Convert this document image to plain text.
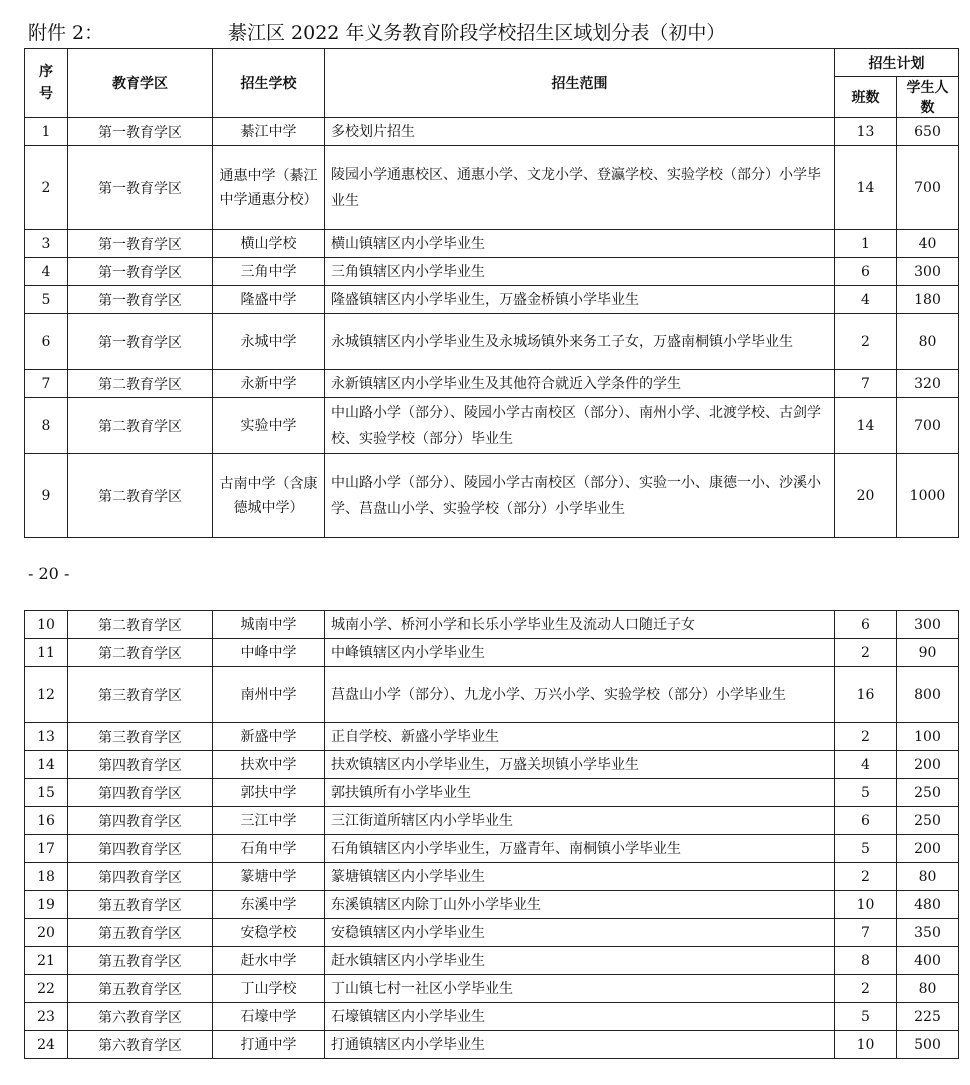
附件 2：	綦江区 2022 年义务教育阶段学校招生区域划分表（初中）
序
号	教育学区	招生学校	招生范围	招生计划	
				班数	学生人数
1	第一教育学区	綦江中学	多校划片招生	13	650
2	第一教育学区	通惠中学（綦江中学通惠分校）	陵园小学通惠校区、通惠小学、文龙小学、登瀛学校、实验学校（部分）小学毕业生	14	700
3	第一教育学区	横山学校	横山镇辖区内小学毕业生	1	40
4	第一教育学区	三角中学	三角镇辖区内小学毕业生	6	300
5	第一教育学区	隆盛中学	隆盛镇辖区内小学毕业生，万盛金桥镇小学毕业生	4	180
6	第一教育学区	永城中学	永城镇辖区内小学毕业生及永城场镇外来务工子女，万盛南桐镇小学毕业生	2	80
7	第二教育学区	永新中学	永新镇辖区内小学毕业生及其他符合就近入学条件的学生	7	320
8	第二教育学区	实验中学	中山路小学（部分）、陵园小学古南校区（部分）、南州小学、北渡学校、古剑学校、实验学校（部分）毕业生	14	700
9	第二教育学区	古南中学（含康德城中学）	中山路小学（部分）、陵园小学古南校区（部分）、实验一小、康德一小、沙溪小学、莒盘山小学、实验学校（部分）小学毕业生	20	1000
- 20 -
10	第二教育学区	城南中学	城南小学、桥河小学和长乐小学毕业生及流动人口随迁子女	6	300
11	第二教育学区	中峰中学	中峰镇辖区内小学毕业生	2	90
12	第三教育学区	南州中学	莒盘山小学（部分）、九龙小学、万兴小学、实验学校（部分）小学毕业生	16	800
13	第三教育学区	新盛中学	正自学校、新盛小学毕业生	2	100
14	第四教育学区	扶欢中学	扶欢镇辖区内小学毕业生，万盛关坝镇小学毕业生	4	200
15	第四教育学区	郭扶中学	郭扶镇所有小学毕业生	5	250
16	第四教育学区	三江中学	三江街道所辖区内小学毕业生	6	250
17	第四教育学区	石角中学	石角镇辖区内小学毕业生，万盛青年、南桐镇小学毕业生	5	200
18	第四教育学区	篆塘中学	篆塘镇辖区内小学毕业生	2	80
19	第五教育学区	东溪中学	东溪镇辖区内除丁山外小学毕业生	10	480
20	第五教育学区	安稳学校	安稳镇辖区内小学毕业生	7	350
21	第五教育学区	赶水中学	赶水镇辖区内小学毕业生	8	400
22	第五教育学区	丁山学校	丁山镇七村一社区小学毕业生	2	80
23	第六教育学区	石壕中学	石壕镇辖区内小学毕业生	5	225
24	第六教育学区	打通中学	打通镇辖区内小学毕业生	10	500
